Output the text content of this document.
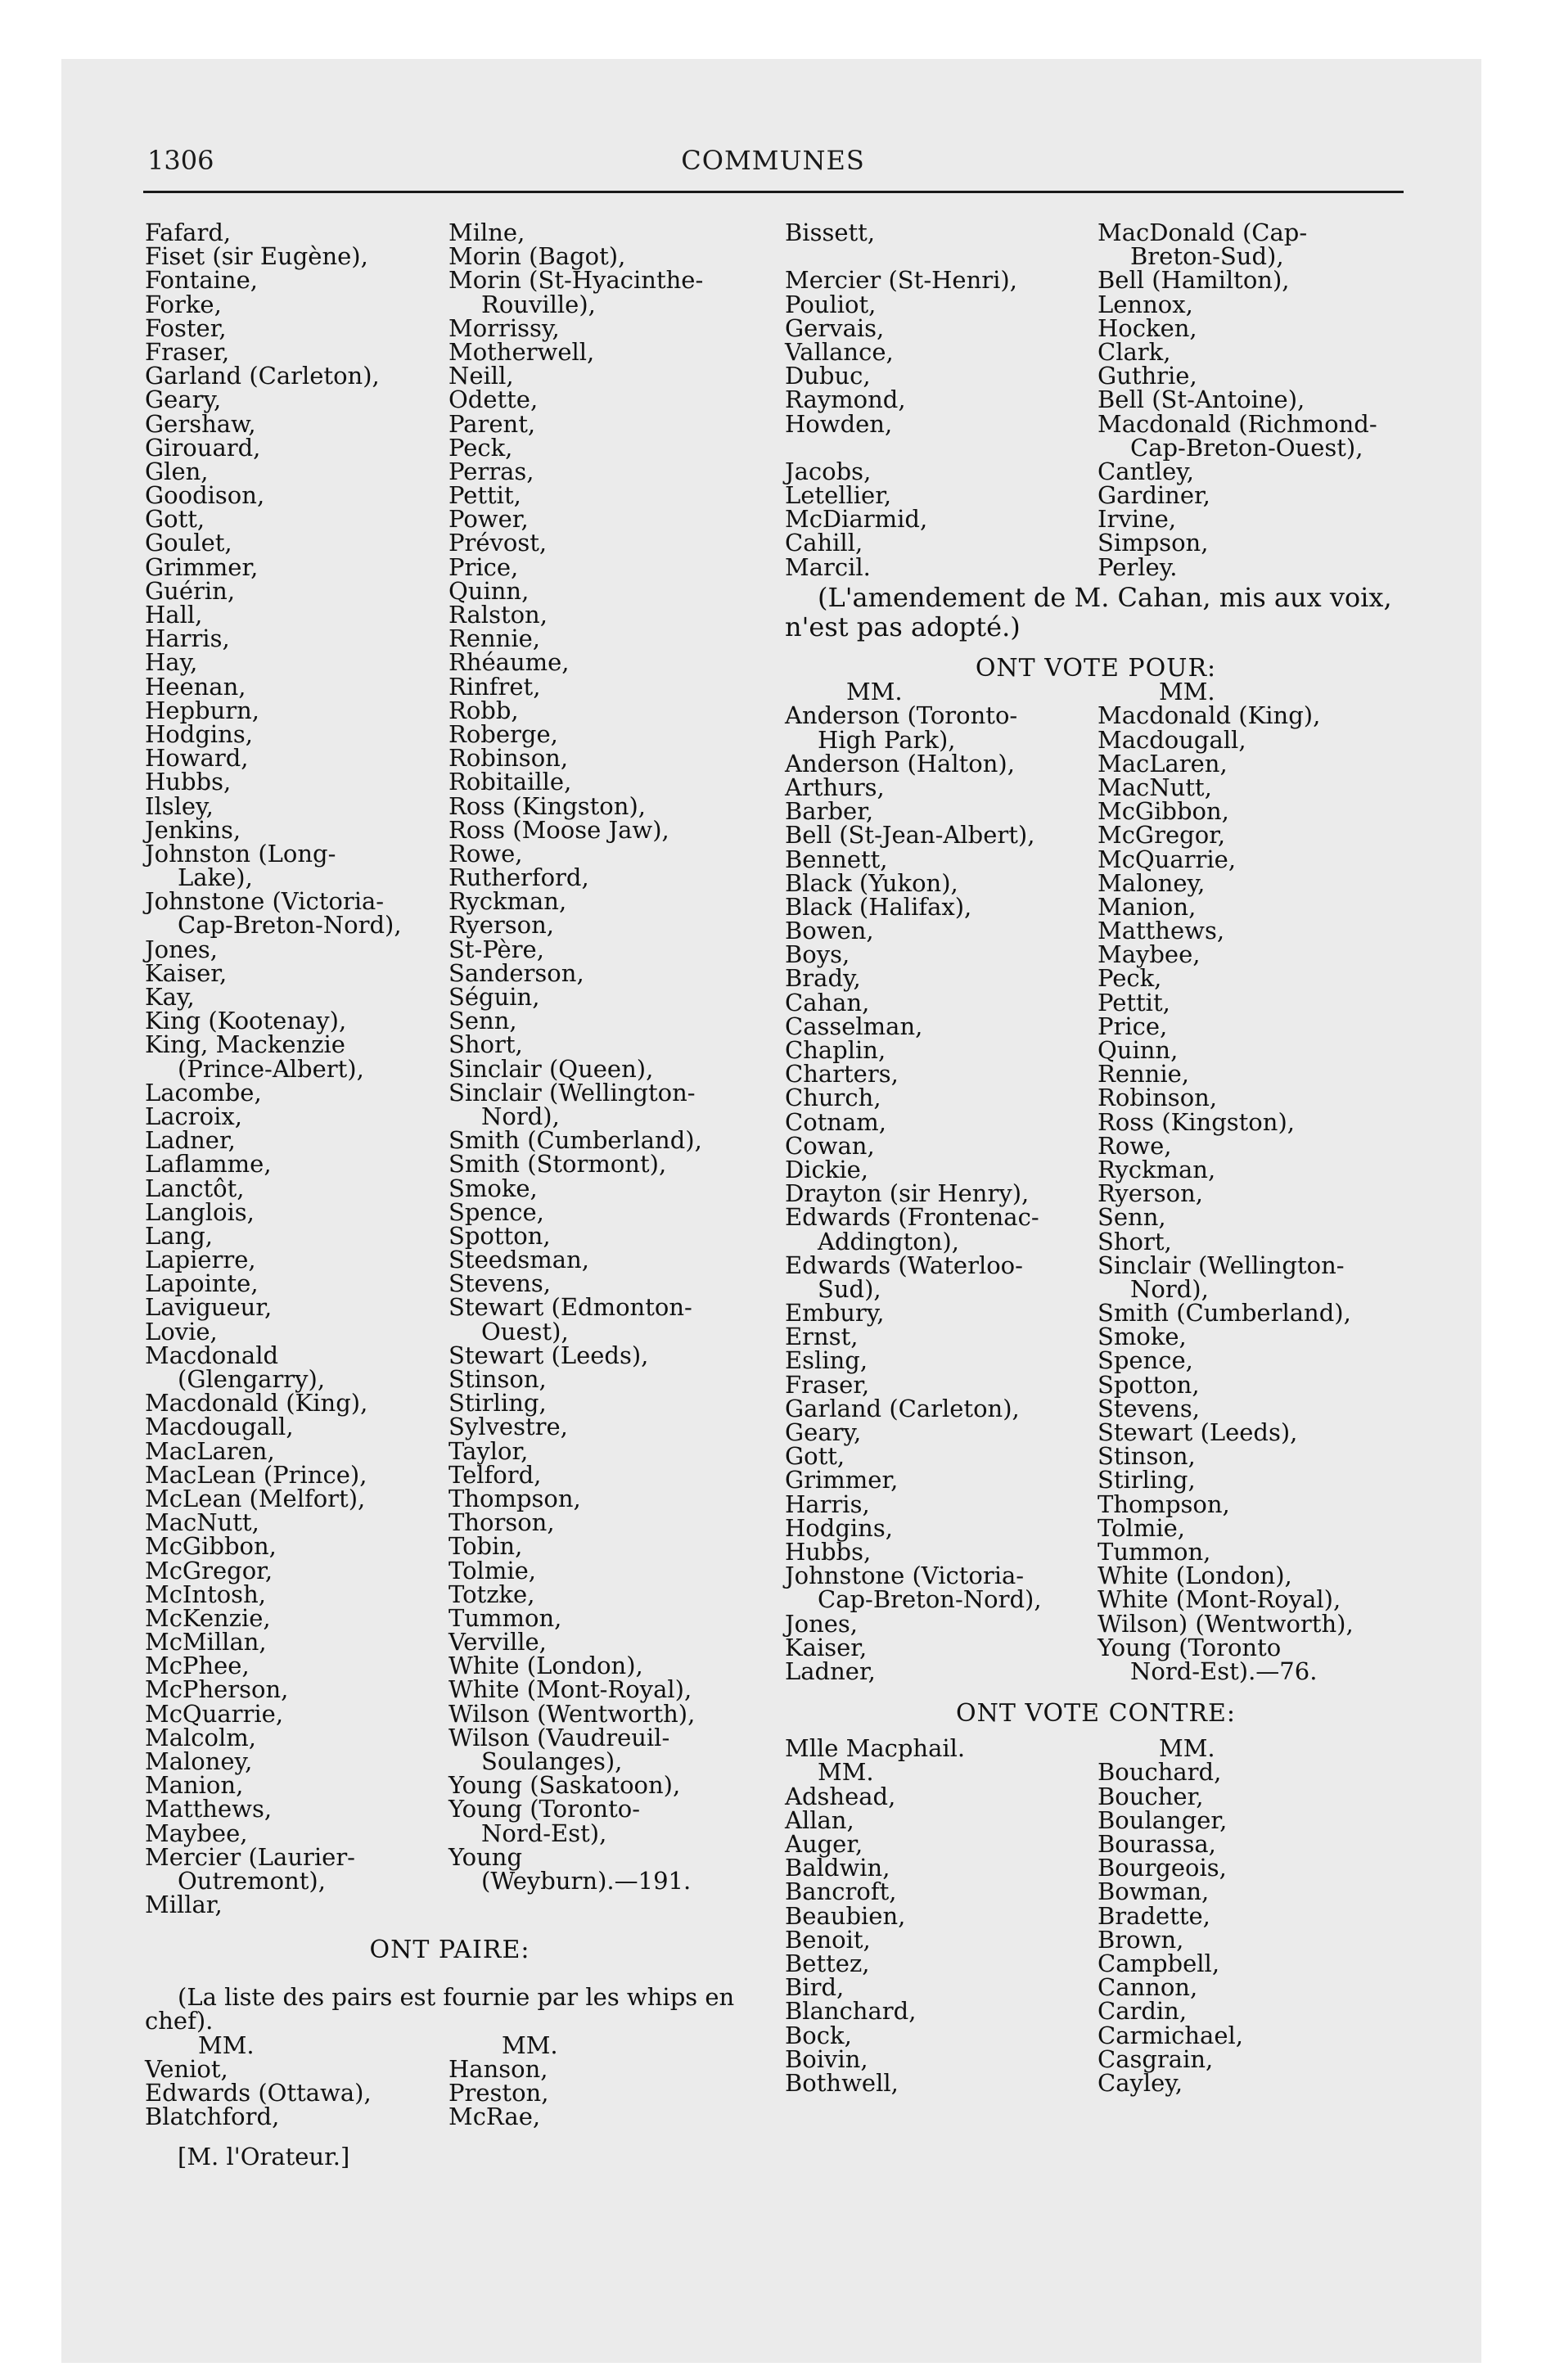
1306	COMMUNES
Fafard,
Fiset (sir Eugène),
Fontaine,
Forke,
Foster,
Fraser,
Garland (Carleton),
Geary,
Gershaw,
Girouard,
Glen,
Goodison,
Gott,
Goulet,
Grimmer,
Guérin,
Hall,
Harris,
Hay,
Heenan,
Hepburn,
Hodgins,
Howard,
Hubbs,
Ilsley,
Jenkins,
Johnston (Long-
Lake),
Johnstone (Victoria-
Cap-Breton-Nord),
Jones,
Kaiser,
Kay,
King (Kootenay),
King, Mackenzie
(Prince-Albert),
Lacombe,
Lacroix,
Ladner,
Laflamme,
Lanctôt,
Langlois,
Lang,
Lapierre,
Lapointe,
Lavigueur,
Lovie,
Macdonald
(Glengarry),
Macdonald (King),
Macdougall,
MacLaren,
MacLean (Prince),
McLean (Melfort),
MacNutt,
McGibbon,
McGregor,
McIntosh,
McKenzie,
McMillan,
McPhee,
McPherson,
McQuarrie,
Malcolm,
Maloney,
Manion,
Matthews,
Maybee,
Mercier (Laurier-
Outremont),
Millar,
Milne,
Morin (Bagot),
Morin (St-Hyacinthe-
Rouville),
Morrissy,
Motherwell,
Neill,
Odette,
Parent,
Peck,
Perras,
Pettit,
Power,
Prévost,
Price,
Quinn,
Ralston,
Rennie,
Rhéaume,
Rinfret,
Robb,
Roberge,
Robinson,
Robitaille,
Ross (Kingston),
Ross (Moose Jaw),
Rowe,
Rutherford,
Ryckman,
Ryerson,
St-Père,
Sanderson,
Séguin,
Senn,
Short,
Sinclair (Queen),
Sinclair (Wellington-
Nord),
Smith (Cumberland),
Smith (Stormont),
Smoke,
Spence,
Spotton,
Steedsman,
Stevens,
Stewart (Edmonton-
Ouest),
Stewart (Leeds),
Stinson,
Stirling,
Sylvestre,
Taylor,
Telford,
Thompson,
Thorson,
Tobin,
Tolmie,
Totzke,
Tummon,
Verville,
White (London),
White (Mont-Royal),
Wilson (Wentworth),
Wilson (Vaudreuil-
Soulanges),
Young (Saskatoon),
Young (Toronto-
Nord-Est),
Young
(Weyburn).—191.
ONT PAIRE:
(La liste des pairs est fournie par les whips en chef).
MM.	MM.
Veniot,
Edwards (Ottawa),
Blatchford,
Hanson,
Preston,
McRae,
[M. l'Orateur.]
Bissett,
Mercier (St-Henri),
Pouliot,
Gervais,
Vallance,
Dubuc,
Raymond,
Howden,
Jacobs,
Letellier,
McDiarmid,
Cahill,
Marcil.
MacDonald (Cap-
Breton-Sud),
Bell (Hamilton),
Lennox,
Hocken,
Clark,
Guthrie,
Bell (St-Antoine),
Macdonald (Richmond-
Cap-Breton-Ouest),
Cantley,
Gardiner,
Irvine,
Simpson,
Perley.
(L'amendement de M. Cahan, mis aux voix, n'est pas adopté.)
ONT VOTE POUR:
MM.	MM.
Anderson (Toronto-
High Park),
Anderson (Halton),
Arthurs,
Barber,
Bell (St-Jean-Albert),
Bennett,
Black (Yukon),
Black (Halifax),
Bowen,
Boys,
Brady,
Cahan,
Casselman,
Chaplin,
Charters,
Church,
Cotnam,
Cowan,
Dickie,
Drayton (sir Henry),
Edwards (Frontenac-
Addington),
Edwards (Waterloo-
Sud),
Embury,
Ernst,
Esling,
Fraser,
Garland (Carleton),
Geary,
Gott,
Grimmer,
Harris,
Hodgins,
Hubbs,
Johnstone (Victoria-
Cap-Breton-Nord),
Jones,
Kaiser,
Ladner,
Macdonald (King),
Macdougall,
MacLaren,
MacNutt,
McGibbon,
McGregor,
McQuarrie,
Maloney,
Manion,
Matthews,
Maybee,
Peck,
Pettit,
Price,
Quinn,
Rennie,
Robinson,
Ross (Kingston),
Rowe,
Ryckman,
Ryerson,
Senn,
Short,
Sinclair (Wellington-
Nord),
Smith (Cumberland),
Smoke,
Spence,
Spotton,
Stevens,
Stewart (Leeds),
Stinson,
Stirling,
Thompson,
Tolmie,
Tummon,
White (London),
White (Mont-Royal),
Wilson) (Wentworth),
Young (Toronto
Nord-Est).—76.
ONT VOTE CONTRE:
Mlle Macphail.
MM.
MM.
Adshead,
Allan,
Auger,
Baldwin,
Bancroft,
Beaubien,
Benoit,
Bettez,
Bird,
Blanchard,
Bock,
Boivin,
Bothwell,
Bouchard,
Boucher,
Boulanger,
Bourassa,
Bourgeois,
Bowman,
Bradette,
Brown,
Campbell,
Cannon,
Cardin,
Carmichael,
Casgrain,
Cayley,
